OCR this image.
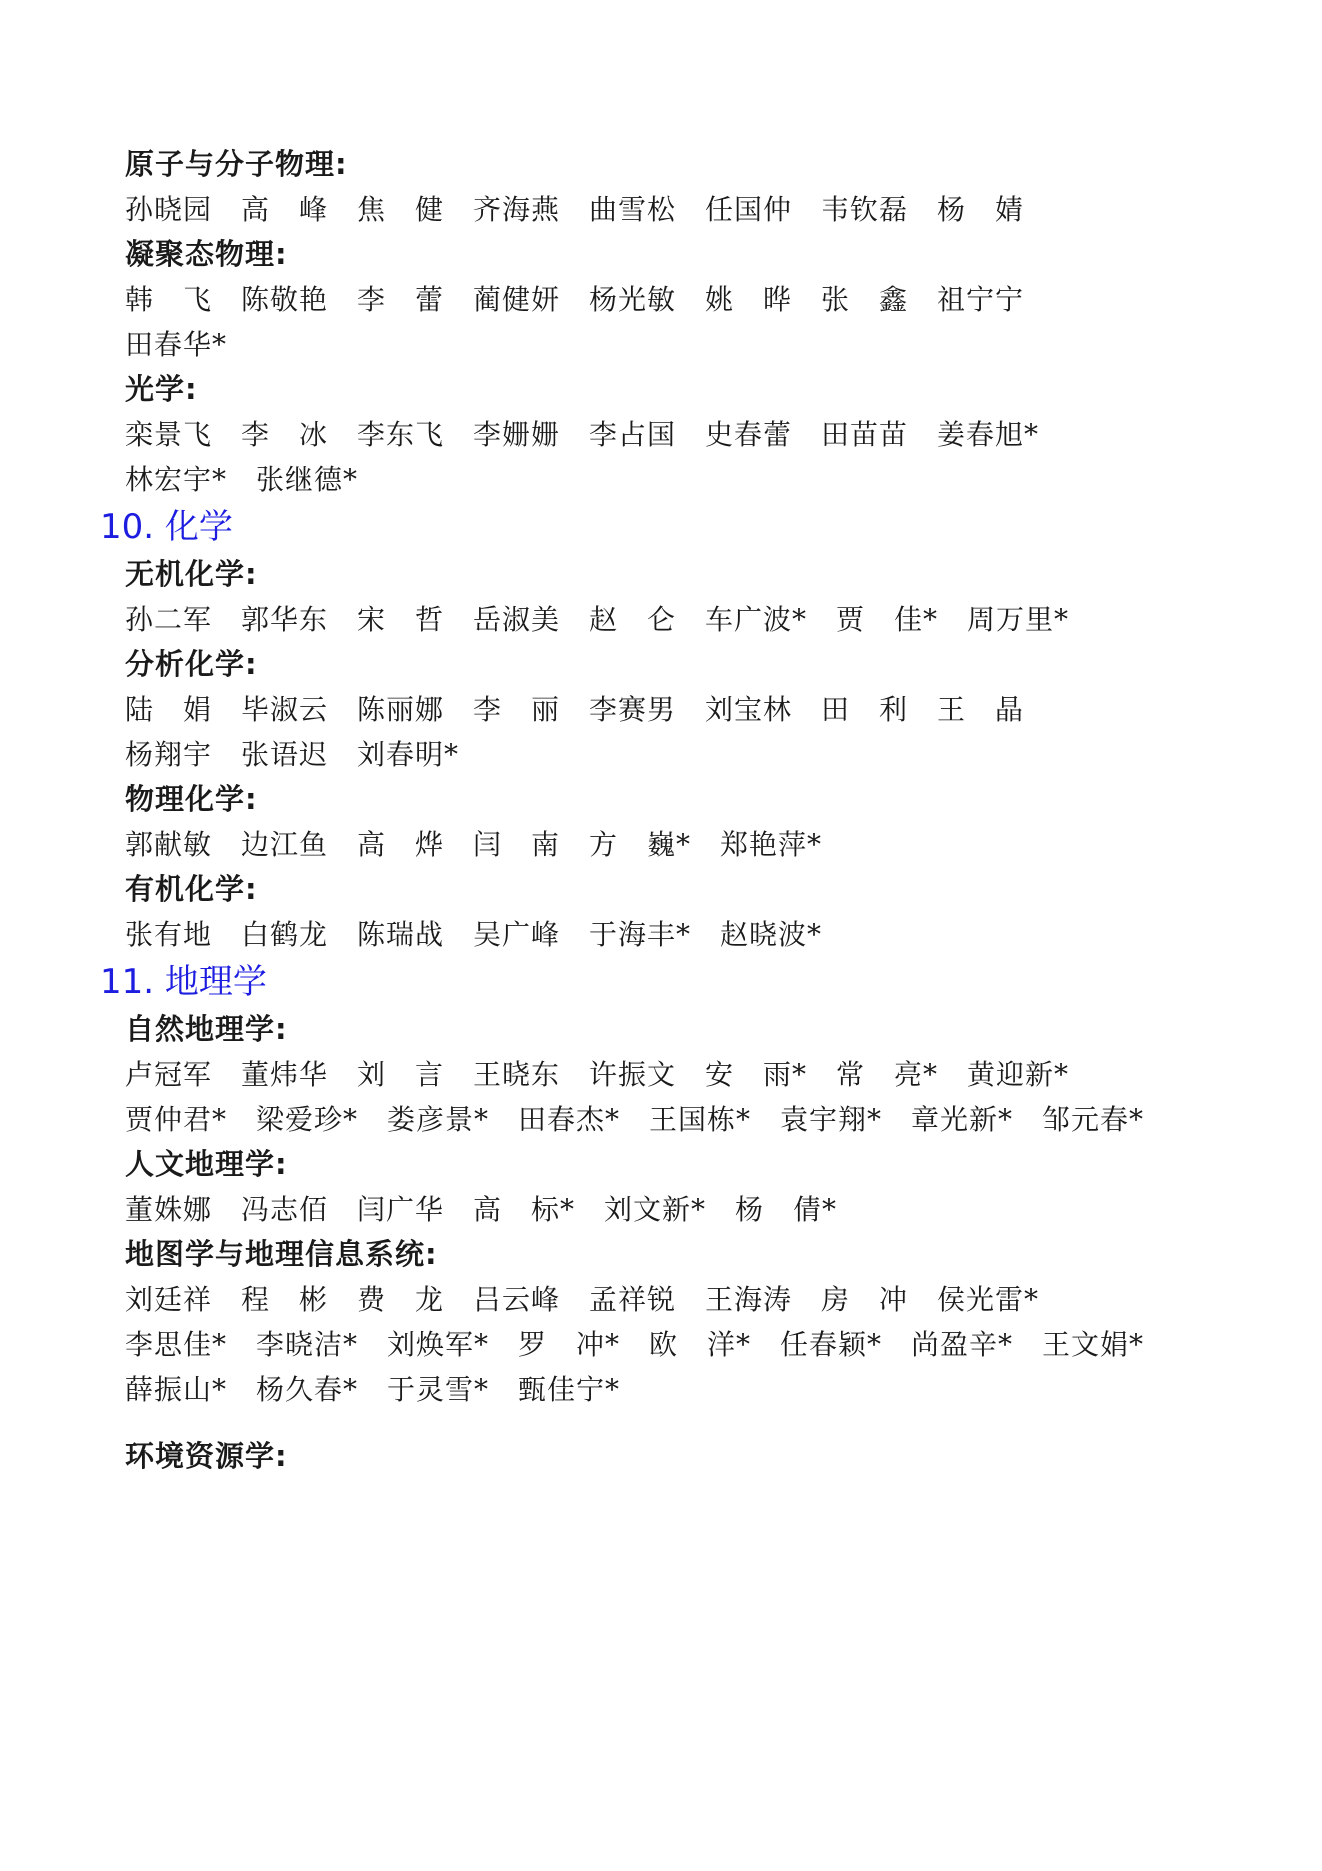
原子与分子物理:
孙晓园　高　峰　焦　健　齐海燕　曲雪松　任国仲　韦钦磊　杨　婧
凝聚态物理:
韩　飞　陈敬艳　李　蕾　蔺健妍　杨光敏　姚　晔　张　鑫　祖宁宁
田春华*
光学:
栾景飞　李　冰　李东飞　李姗姗　李占国　史春蕾　田苗苗　姜春旭*
林宏宇*　张继德*
10. 化学
无机化学:
孙二军　郭华东　宋　哲　岳淑美　赵　仑　车广波*　贾　佳*　周万里*
分析化学:
陆　娟　毕淑云　陈丽娜　李　丽　李赛男　刘宝林　田　利　王　晶
杨翔宇　张语迟　刘春明*
物理化学:
郭献敏　边江鱼　高　烨　闫　南　方　巍*　郑艳萍*
有机化学:
张有地　白鹤龙　陈瑞战　吴广峰　于海丰*　赵晓波*
11. 地理学
自然地理学:
卢冠军　董炜华　刘　言　王晓东　许振文　安　雨*　常　亮*　黄迎新*
贾仲君*　梁爱珍*　娄彦景*　田春杰*　王国栋*　袁宇翔*　章光新*　邹元春*
人文地理学:
董姝娜　冯志佰　闫广华　高　标*　刘文新*　杨　倩*
地图学与地理信息系统:
刘廷祥　程　彬　费　龙　吕云峰　孟祥锐　王海涛　房　冲　侯光雷*
李思佳*　李晓洁*　刘焕军*　罗　冲*　欧　洋*　任春颖*　尚盈辛*　王文娟*
薛振山*　杨久春*　于灵雪*　甄佳宁*
环境资源学:
